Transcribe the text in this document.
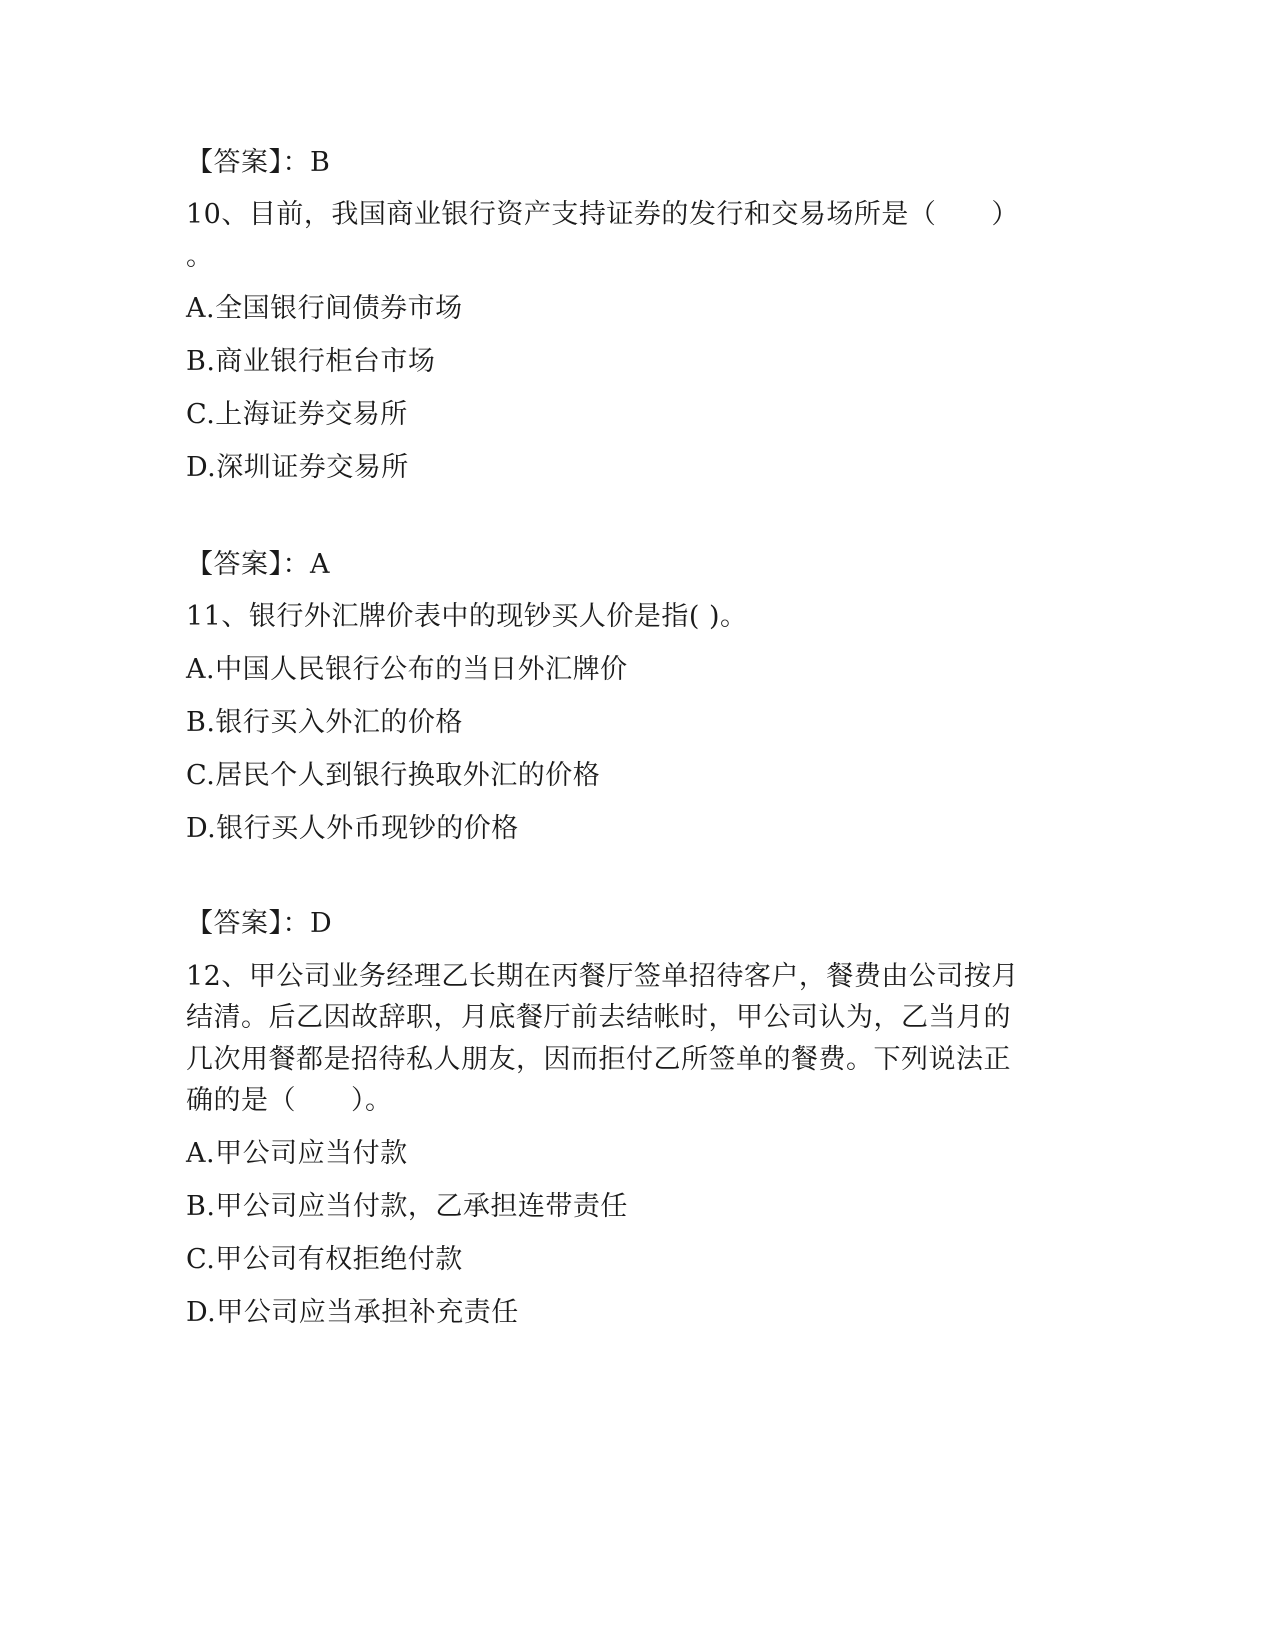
【答案】：B
10、目前，我国商业银行资产支持证券的发行和交易场所是（　　）
。
A.全国银行间债券市场
B.商业银行柜台市场
C.上海证券交易所
D.深圳证券交易所
【答案】：A
11、银行外汇牌价表中的现钞买人价是指( )。
A.中国人民银行公布的当日外汇牌价
B.银行买入外汇的价格
C.居民个人到银行换取外汇的价格
D.银行买人外币现钞的价格
【答案】：D
12、甲公司业务经理乙长期在丙餐厅签单招待客户，餐费由公司按月
结清。后乙因故辞职，月底餐厅前去结帐时，甲公司认为，乙当月的
几次用餐都是招待私人朋友，因而拒付乙所签单的餐费。下列说法正
确的是（　　）。
A.甲公司应当付款
B.甲公司应当付款，乙承担连带责任
C.甲公司有权拒绝付款
D.甲公司应当承担补充责任
